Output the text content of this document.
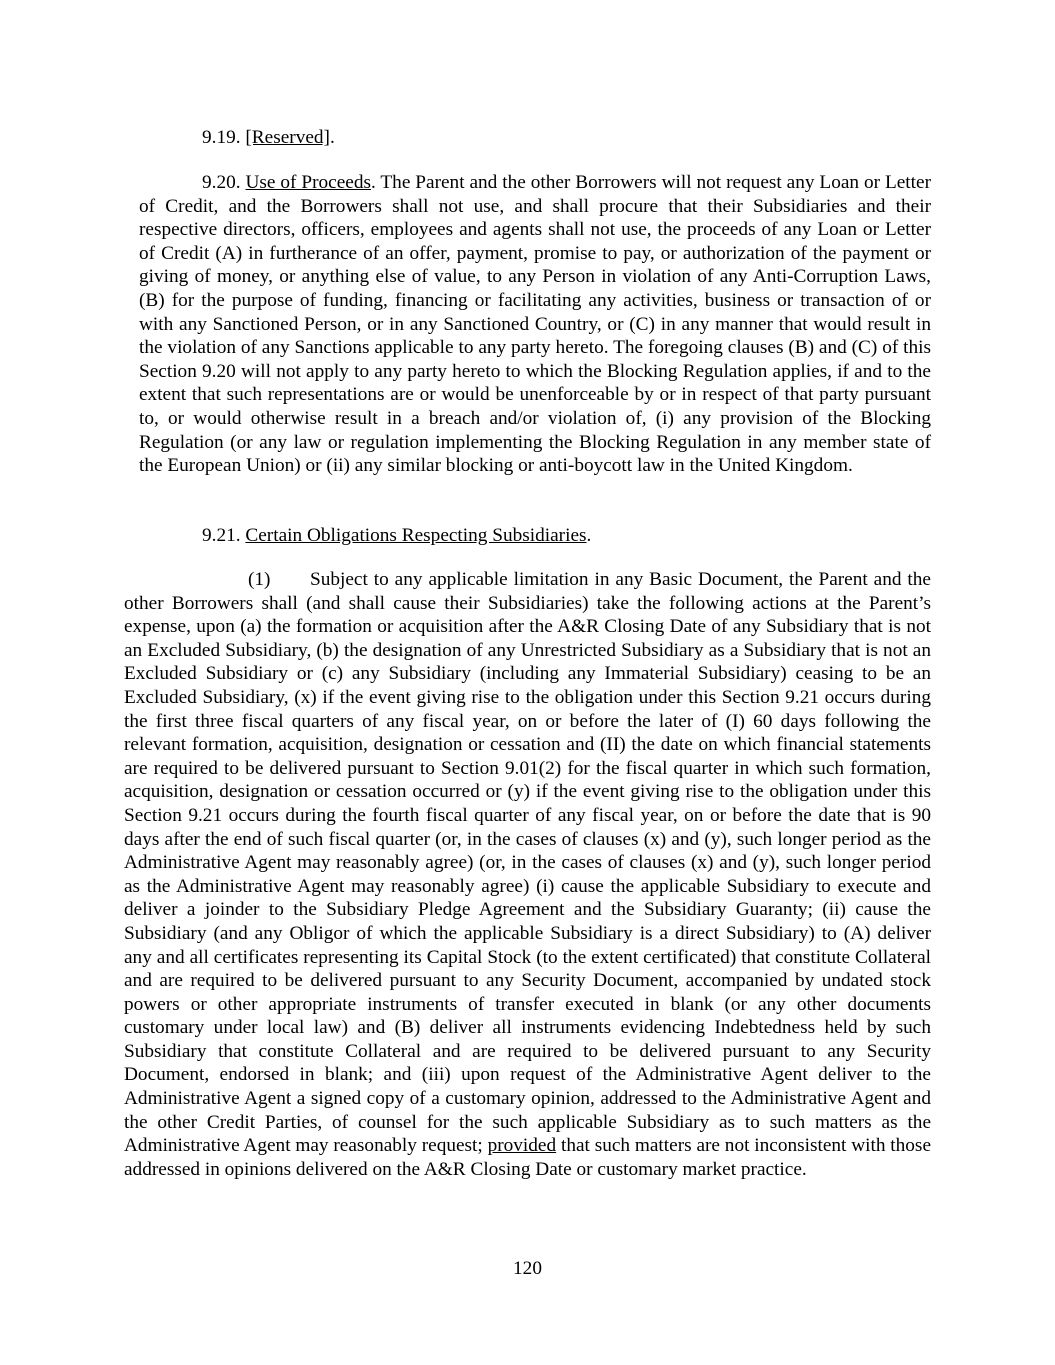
9.19. [Reserved].

9.20. Use of Proceeds. The Parent and the other Borrowers will not request any Loan or Letter of Credit, and the Borrowers shall not use, and shall procure that their Subsidiaries and their respective directors, officers, employees and agents shall not use, the proceeds of any Loan or Letter of Credit (A) in furtherance of an offer, payment, promise to pay, or authorization of the payment or giving of money, or anything else of value, to any Person in violation of any Anti-Corruption Laws, (B) for the purpose of funding, financing or facilitating any activities, business or transaction of or with any Sanctioned Person, or in any Sanctioned Country, or (C) in any manner that would result in the violation of any Sanctions applicable to any party hereto. The foregoing clauses (B) and (C) of this Section 9.20 will not apply to any party hereto to which the Blocking Regulation applies, if and to the extent that such representations are or would be unenforceable by or in respect of that party pursuant to, or would otherwise result in a breach and/or violation of, (i) any provision of the Blocking Regulation (or any law or regulation implementing the Blocking Regulation in any member state of the European Union) or (ii) any similar blocking or anti-boycott law in the United Kingdom.

9.21. Certain Obligations Respecting Subsidiaries.

(1) Subject to any applicable limitation in any Basic Document, the Parent and the other Borrowers shall (and shall cause their Subsidiaries) take the following actions at the Parent’s expense, upon (a) the formation or acquisition after the A&R Closing Date of any Subsidiary that is not an Excluded Subsidiary, (b) the designation of any Unrestricted Subsidiary as a Subsidiary that is not an Excluded Subsidiary or (c) any Subsidiary (including any Immaterial Subsidiary) ceasing to be an Excluded Subsidiary, (x) if the event giving rise to the obligation under this Section 9.21 occurs during the first three fiscal quarters of any fiscal year, on or before the later of (I) 60 days following the relevant formation, acquisition, designation or cessation and (II) the date on which financial statements are required to be delivered pursuant to Section 9.01(2) for the fiscal quarter in which such formation, acquisition, designation or cessation occurred or (y) if the event giving rise to the obligation under this Section 9.21 occurs during the fourth fiscal quarter of any fiscal year, on or before the date that is 90 days after the end of such fiscal quarter (or, in the cases of clauses (x) and (y), such longer period as the Administrative Agent may reasonably agree) (or, in the cases of clauses (x) and (y), such longer period as the Administrative Agent may reasonably agree) (i) cause the applicable Subsidiary to execute and deliver a joinder to the Subsidiary Pledge Agreement and the Subsidiary Guaranty; (ii) cause the Subsidiary (and any Obligor of which the applicable Subsidiary is a direct Subsidiary) to (A) deliver any and all certificates representing its Capital Stock (to the extent certificated) that constitute Collateral and are required to be delivered pursuant to any Security Document, accompanied by undated stock powers or other appropriate instruments of transfer executed in blank (or any other documents customary under local law) and (B) deliver all instruments evidencing Indebtedness held by such Subsidiary that constitute Collateral and are required to be delivered pursuant to any Security Document, endorsed in blank; and (iii) upon request of the Administrative Agent deliver to the Administrative Agent a signed copy of a customary opinion, addressed to the Administrative Agent and the other Credit Parties, of counsel for the such applicable Subsidiary as to such matters as the Administrative Agent may reasonably request; provided that such matters are not inconsistent with those addressed in opinions delivered on the A&R Closing Date or customary market practice.

120
